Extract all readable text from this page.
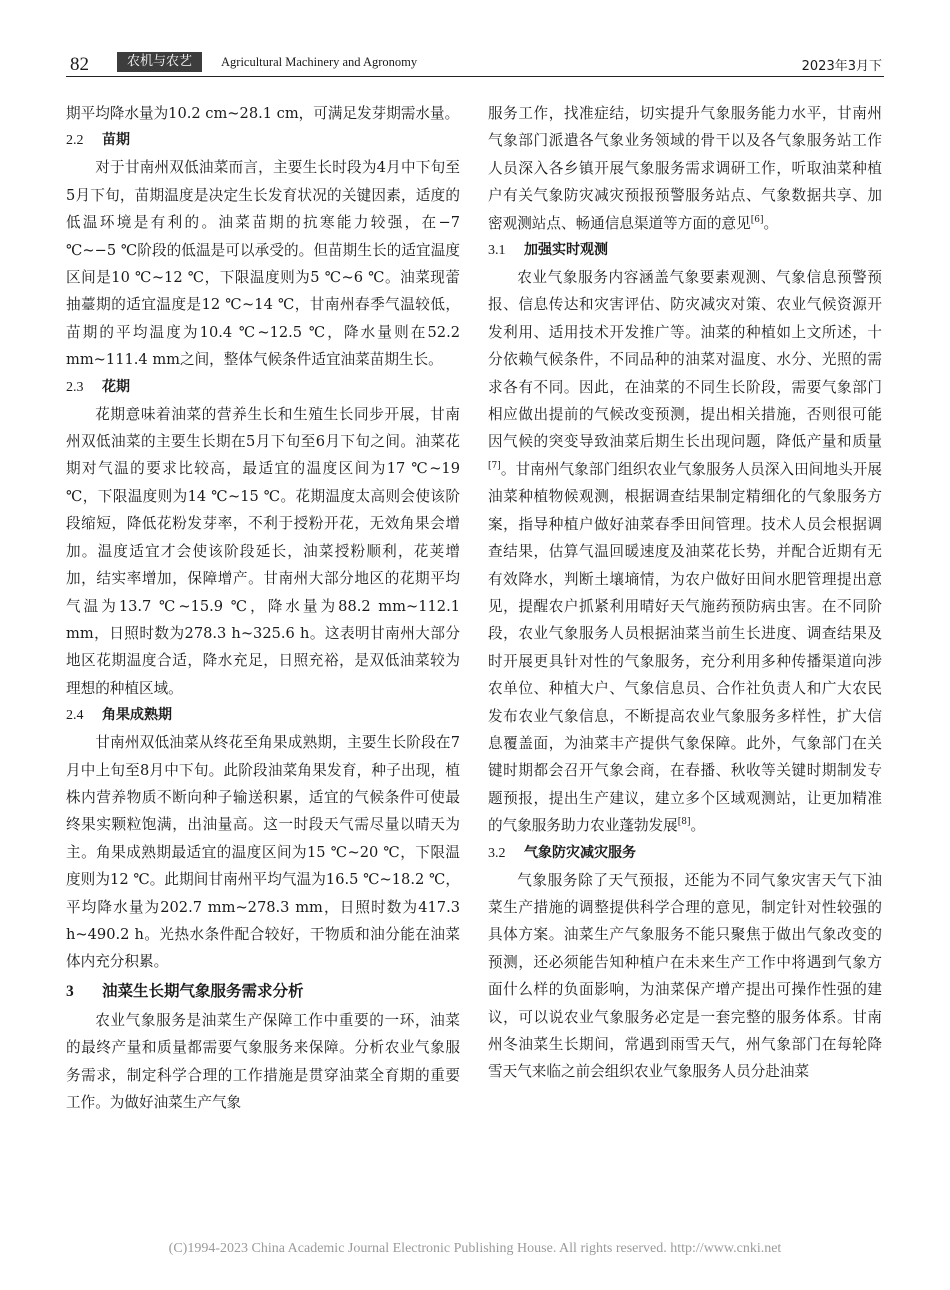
82	农机与农艺	Agricultural Machinery and Agronomy	2023年3月下

期平均降水量为10.2 cm~28.1 cm，可满足发芽期需水量。

2.2 苗期

对于甘南州双低油菜而言，主要生长时段为4月中下旬至5月下旬，苗期温度是决定生长发育状况的关键因素，适度的低温环境是有利的。油菜苗期的抗寒能力较强，在−7 ℃~−5 ℃阶段的低温是可以承受的。但苗期生长的适宜温度区间是10 ℃~12 ℃，下限温度则为5 ℃~6 ℃。油菜现蕾抽薹期的适宜温度是12 ℃~14 ℃，甘南州春季气温较低，苗期的平均温度为10.4 ℃~12.5 ℃，降水量则在52.2 mm~111.4 mm之间，整体气候条件适宜油菜苗期生长。

2.3 花期

花期意味着油菜的营养生长和生殖生长同步开展，甘南州双低油菜的主要生长期在5月下旬至6月下旬之间。油菜花期对气温的要求比较高，最适宜的温度区间为17 ℃~19 ℃，下限温度则为14 ℃~15 ℃。花期温度太高则会使该阶段缩短，降低花粉发芽率，不利于授粉开花，无效角果会增加。温度适宜才会使该阶段延长，油菜授粉顺利，花荚增加，结实率增加，保障增产。甘南州大部分地区的花期平均气温为13.7 ℃~15.9 ℃，降水量为88.2 mm~112.1 mm，日照时数为278.3 h~325.6 h。这表明甘南州大部分地区花期温度合适，降水充足，日照充裕，是双低油菜较为理想的种植区域。

2.4 角果成熟期

甘南州双低油菜从终花至角果成熟期，主要生长阶段在7月中上旬至8月中下旬。此阶段油菜角果发育，种子出现，植株内营养物质不断向种子输送积累，适宜的气候条件可使最终果实颗粒饱满，出油量高。这一时段天气需尽量以晴天为主。角果成熟期最适宜的温度区间为15 ℃~20 ℃，下限温度则为12 ℃。此期间甘南州平均气温为16.5 ℃~18.2 ℃，平均降水量为202.7 mm~278.3 mm，日照时数为417.3 h~490.2 h。光热水条件配合较好，干物质和油分能在油菜体内充分积累。

3 油菜生长期气象服务需求分析

农业气象服务是油菜生产保障工作中重要的一环，油菜的最终产量和质量都需要气象服务来保障。分析农业气象服务需求，制定科学合理的工作措施是贯穿油菜全育期的重要工作。为做好油菜生产气象

服务工作，找准症结，切实提升气象服务能力水平，甘南州气象部门派遣各气象业务领域的骨干以及各气象服务站工作人员深入各乡镇开展气象服务需求调研工作，听取油菜种植户有关气象防灾减灾预报预警服务站点、气象数据共享、加密观测站点、畅通信息渠道等方面的意见[6]。

3.1 加强实时观测

农业气象服务内容涵盖气象要素观测、气象信息预警预报、信息传达和灾害评估、防灾减灾对策、农业气候资源开发利用、适用技术开发推广等。油菜的种植如上文所述，十分依赖气候条件，不同品种的油菜对温度、水分、光照的需求各有不同。因此，在油菜的不同生长阶段，需要气象部门相应做出提前的气候改变预测，提出相关措施，否则很可能因气候的突变导致油菜后期生长出现问题，降低产量和质量[7]。甘南州气象部门组织农业气象服务人员深入田间地头开展油菜种植物候观测，根据调查结果制定精细化的气象服务方案，指导种植户做好油菜春季田间管理。技术人员会根据调查结果，估算气温回暖速度及油菜花长势，并配合近期有无有效降水，判断土壤墒情，为农户做好田间水肥管理提出意见，提醒农户抓紧利用晴好天气施药预防病虫害。在不同阶段，农业气象服务人员根据油菜当前生长进度、调查结果及时开展更具针对性的气象服务，充分利用多种传播渠道向涉农单位、种植大户、气象信息员、合作社负责人和广大农民发布农业气象信息，不断提高农业气象服务多样性，扩大信息覆盖面，为油菜丰产提供气象保障。此外，气象部门在关键时期都会召开气象会商，在春播、秋收等关键时期制发专题预报，提出生产建议，建立多个区域观测站，让更加精准的气象服务助力农业蓬勃发展[8]。

3.2 气象防灾减灾服务

气象服务除了天气预报，还能为不同气象灾害天气下油菜生产措施的调整提供科学合理的意见，制定针对性较强的具体方案。油菜生产气象服务不能只聚焦于做出气象改变的预测，还必须能告知种植户在未来生产工作中将遇到气象方面什么样的负面影响，为油菜保产增产提出可操作性强的建议，可以说农业气象服务必定是一套完整的服务体系。甘南州冬油菜生长期间，常遇到雨雪天气，州气象部门在每轮降雪天气来临之前会组织农业气象服务人员分赴油菜

(C)1994-2023 China Academic Journal Electronic Publishing House. All rights reserved. http://www.cnki.net
